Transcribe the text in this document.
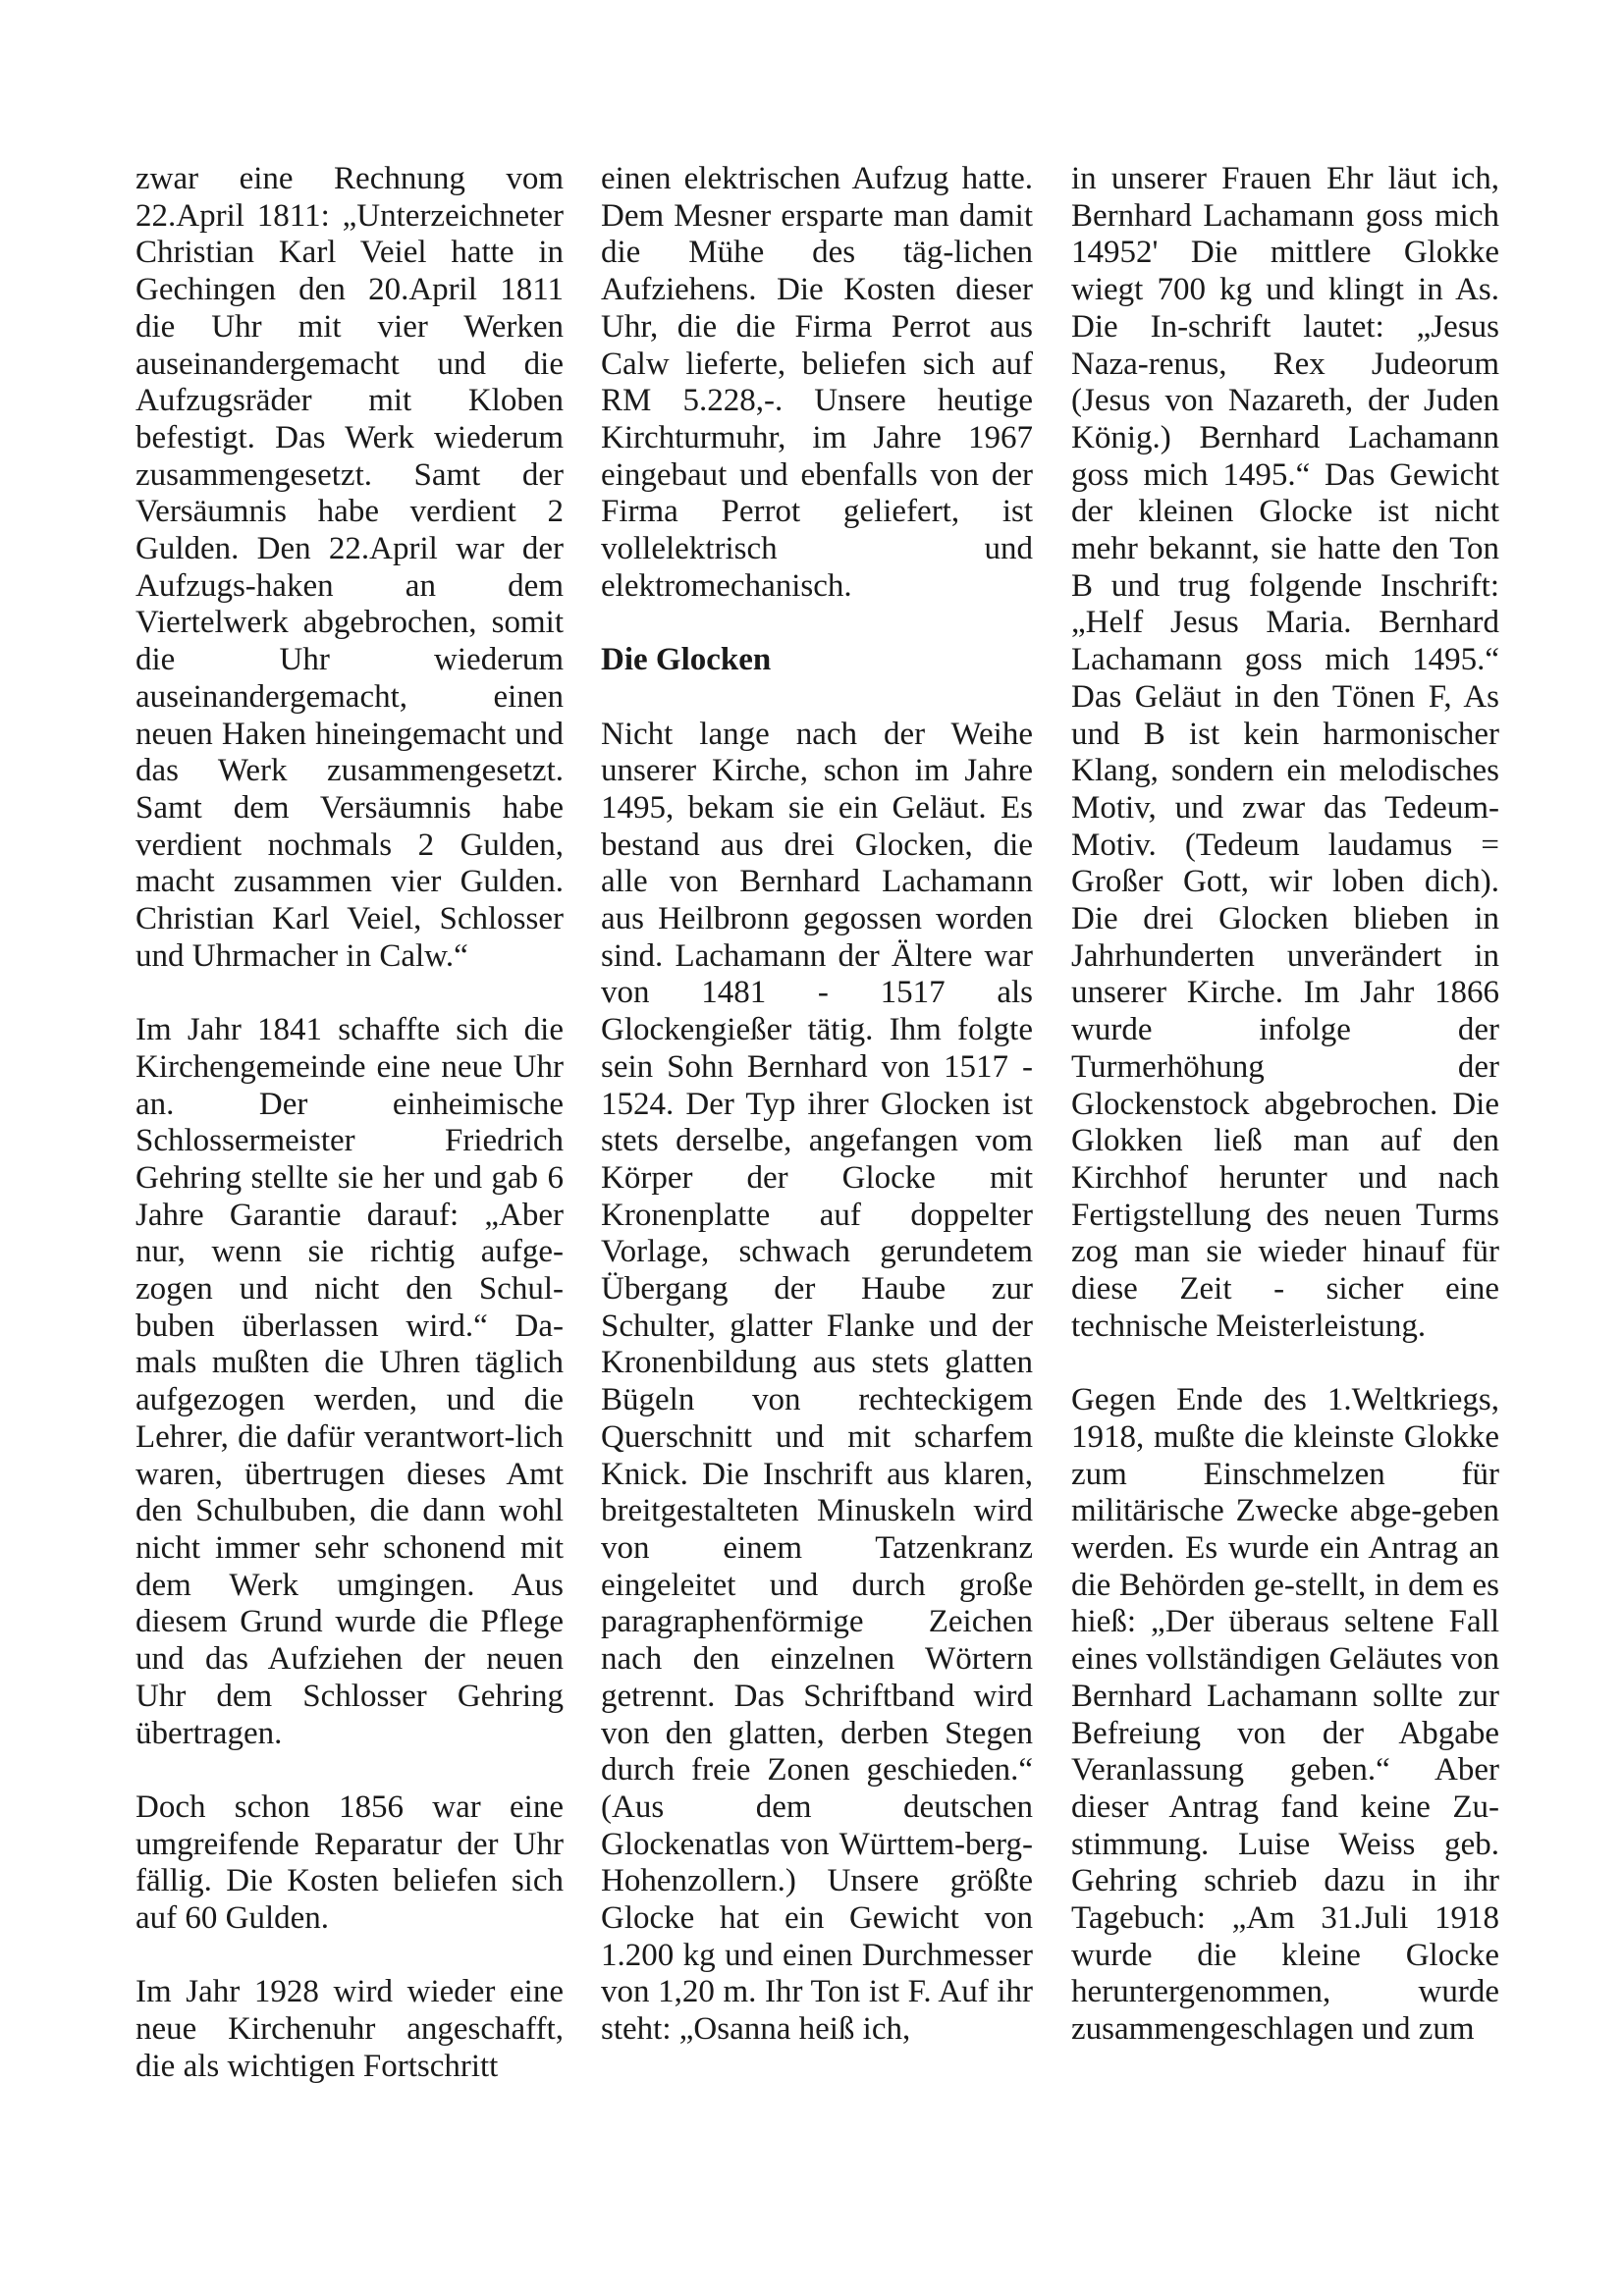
zwar eine Rechnung vom 22.April 1811: „Unterzeichneter Christian Karl Veiel hatte in Gechingen den 20.April 1811 die Uhr mit vier Werken auseinandergemacht und die Aufzugsräder mit Kloben befestigt. Das Werk wiederum zusammengesetzt. Samt der Versäumnis habe verdient 2 Gulden. Den 22.April war der Aufzugs-haken an dem Viertelwerk abgebrochen, somit die Uhr wiederum auseinandergemacht, einen neuen Haken hineingemacht und das Werk zusammengesetzt. Samt dem Versäumnis habe verdient nochmals 2 Gulden, macht zusammen vier Gulden. Christian Karl Veiel, Schlosser und Uhrmacher in Calw.“

Im Jahr 1841 schaffte sich die Kirchengemeinde eine neue Uhr an. Der einheimische Schlossermeister Friedrich Gehring stellte sie her und gab 6 Jahre Garantie darauf: „Aber nur, wenn sie richtig aufge-zogen und nicht den Schul-buben überlassen wird.“ Da-mals mußten die Uhren täglich aufgezogen werden, und die Lehrer, die dafür verantwort-lich waren, übertrugen dieses Amt den Schulbuben, die dann wohl nicht immer sehr schonend mit dem Werk umgingen. Aus diesem Grund wurde die Pflege und das Aufziehen der neuen Uhr dem Schlosser Gehring übertragen.

Doch schon 1856 war eine umgreifende Reparatur der Uhr fällig. Die Kosten beliefen sich auf 60 Gulden.

Im Jahr 1928 wird wieder eine neue Kirchenuhr angeschafft, die als wichtigen Fortschritt

einen elektrischen Aufzug hatte. Dem Mesner ersparte man damit die Mühe des täg-lichen Aufziehens. Die Kosten dieser Uhr, die die Firma Perrot aus Calw lieferte, beliefen sich auf RM 5.228,-. Unsere heutige Kirchturmuhr, im Jahre 1967 eingebaut und ebenfalls von der Firma Perrot geliefert, ist vollelektrisch und elektromechanisch.

Die Glocken

Nicht lange nach der Weihe unserer Kirche, schon im Jahre 1495, bekam sie ein Geläut. Es bestand aus drei Glocken, die alle von Bernhard Lachamann aus Heilbronn gegossen worden sind. Lachamann der Ältere war von 1481 - 1517 als Glockengießer tätig. Ihm folgte sein Sohn Bernhard von 1517 - 1524. Der Typ ihrer Glocken ist stets derselbe, angefangen vom Körper der Glocke mit Kronenplatte auf doppelter Vorlage, schwach gerundetem Übergang der Haube zur Schulter, glatter Flanke und der Kronenbildung aus stets glatten Bügeln von rechteckigem Querschnitt und mit scharfem Knick. Die Inschrift aus klaren, breitgestalteten Minuskeln wird von einem Tatzenkranz eingeleitet und durch große paragraphenförmige Zeichen nach den einzelnen Wörtern getrennt. Das Schriftband wird von den glatten, derben Stegen durch freie Zonen geschieden.“ (Aus dem deutschen Glockenatlas von Württem-berg-Hohenzollern.) Unsere größte Glocke hat ein Gewicht von 1.200 kg und einen Durchmesser von 1,20 m. Ihr Ton ist F. Auf ihr steht: „Osanna heiß ich,

in unserer Frauen Ehr läut ich, Bernhard Lachamann goss mich 14952' Die mittlere Glokke wiegt 700 kg und klingt in As. Die In-schrift lautet: „Jesus Naza-renus, Rex Judeorum (Jesus von Nazareth, der Juden König.) Bernhard Lachamann goss mich 1495.“ Das Gewicht der kleinen Glocke ist nicht mehr bekannt, sie hatte den Ton B und trug folgende Inschrift: „Helf Jesus Maria. Bernhard Lachamann goss mich 1495.“ Das Geläut in den Tönen F, As und B ist kein harmonischer Klang, sondern ein melodisches Motiv, und zwar das Tedeum-Motiv. (Tedeum laudamus = Großer Gott, wir loben dich). Die drei Glocken blieben in Jahrhunderten unverändert in unserer Kirche. Im Jahr 1866 wurde infolge der Turmerhöhung der Glockenstock abgebrochen. Die Glokken ließ man auf den Kirchhof herunter und nach Fertigstellung des neuen Turms zog man sie wieder hinauf für diese Zeit - sicher eine technische Meisterleistung.

Gegen Ende des 1.Weltkriegs, 1918, mußte die kleinste Glokke zum Einschmelzen für militärische Zwecke abge-geben werden. Es wurde ein Antrag an die Behörden ge-stellt, in dem es hieß: „Der überaus seltene Fall eines vollständigen Geläutes von Bernhard Lachamann sollte zur Befreiung von der Abgabe Veranlassung geben.“ Aber dieser Antrag fand keine Zu-stimmung. Luise Weiss geb. Gehring schrieb dazu in ihr Tagebuch: „Am 31.Juli 1918 wurde die kleine Glocke heruntergenommen, wurde zusammengeschlagen und zum
